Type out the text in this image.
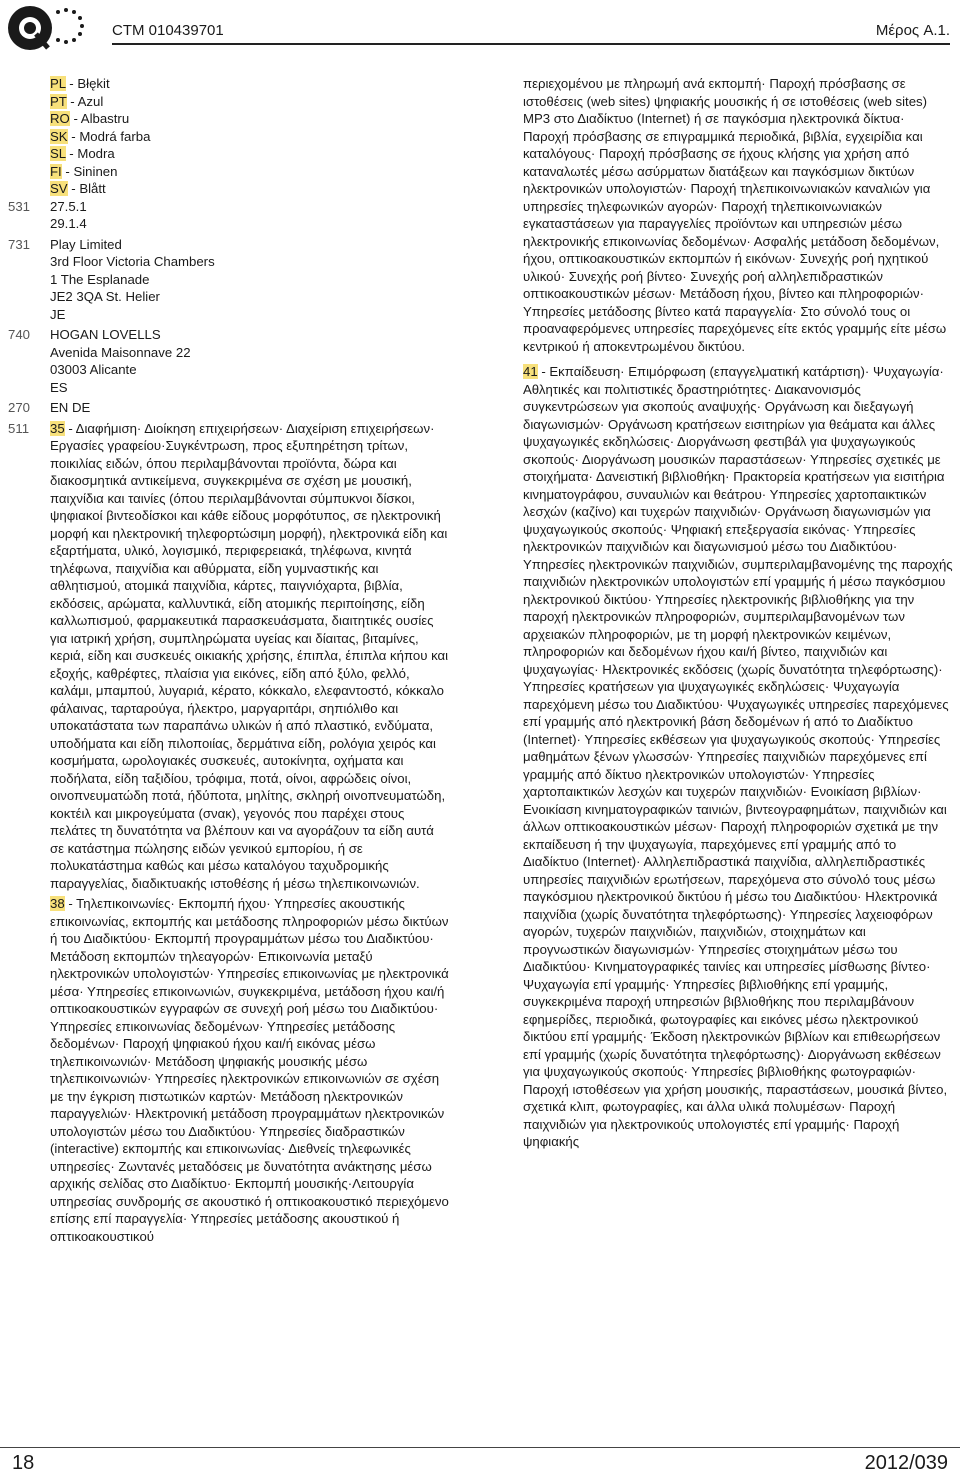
CTM 010439701	Μέρος A.1.
PL - Błękit
PT - Azul
RO - Albastru
SK - Modrá farba
SL - Modra
FI - Sininen
SV - Blått
531	27.5.1
29.1.4
731	Play Limited
3rd Floor Victoria Chambers
1 The Esplanade
JE2 3QA St. Helier
JE
740	HOGAN LOVELLS
Avenida Maisonnave 22
03003 Alicante
ES
270	EN DE
511	35 - Διαφήμιση· Διοίκηση επιχειρήσεων· Διαχείριση επιχειρήσεων· Εργασίες γραφείου·Συγκέντρωση, προς εξυπηρέτηση τρίτων, ποικιλίας ειδών, όπου περιλαμβάνονται προϊόντα, δώρα και διακοσμητικά αντικείμενα, συγκεκριμένα σε σχέση με μουσική, παιχνίδια και ταινίες (όπου περιλαμβάνονται σύμπυκνοι δίσκοι, ψηφιακοί βιντεοδίσκοι και κάθε είδους μορφότυπος, σε ηλεκτρονική μορφή και ηλεκτρονική τηλεφορτώσιμη μορφή), ηλεκτρονικά είδη και εξαρτήματα, υλικό, λογισμικό, περιφερειακά, τηλέφωνα, κινητά τηλέφωνα, παιχνίδια και αθύρματα, είδη γυμναστικής και αθλητισμού, ατομικά παιχνίδια, κάρτες, παιγνιόχαρτα, βιβλία, εκδόσεις, αρώματα, καλλυντικά, είδη ατομικής περιποίησης, είδη καλλωπισμού, φαρμακευτικά παρασκευάσματα, διαιτητικές ουσίες για ιατρική χρήση, συμπληρώματα υγείας και δίαιτας, βιταμίνες, κεριά, είδη και συσκευές οικιακής χρήσης, έπιπλα, έπιπλα κήπου και εξοχής, καθρέφτες, πλαίσια για εικόνες, είδη από ξύλο, φελλό, καλάμι, μπαμπού, λυγαριά, κέρατο, κόκκαλο, ελεφαντοστό, κόκκαλο φάλαινας, ταρταρούγα, ήλεκτρο, μαργαριτάρι, σηπιόλιθο και υποκατάστατα των παραπάνω υλικών ή από πλαστικό, ενδύματα, υποδήματα και είδη πιλοποιίας, δερμάτινα είδη, ρολόγια χειρός και κοσμήματα, ωρολογιακές συσκευές, αυτοκίνητα, οχήματα και ποδήλατα, είδη ταξιδίου, τρόφιμα, ποτά, οίνοι, αφρώδεις οίνοι, οινοπνευματώδη ποτά, ήδύποτα, μηλίτης, σκληρή οινοπνευματώδη, κοκτέιλ και μικρογεύματα (σνακ), γεγονός που παρέχει στους πελάτες τη δυνατότητα να βλέπουν και να αγοράζουν τα είδη αυτά σε κατάστημα πώλησης ειδών γενικού εμπορίου, ή σε πολυκατάστημα καθώς και μέσω καταλόγου ταχυδρομικής παραγγελίας, διαδικτυακής ιστοθέσης ή μέσω τηλεπικοινωνιών.
38 - Τηλεπικοινωνίες· Εκπομπή ήχου· Υπηρεσίες ακουστικής επικοινωνίας, εκπομπής και μετάδοσης πληροφοριών μέσω δικτύων ή του Διαδικτύου· Εκπομπή προγραμμάτων μέσω του Διαδικτύου· Μετάδοση εκπομπών τηλεαγορών· Επικοινωνία μεταξύ ηλεκτρονικών υπολογιστών· Υπηρεσίες επικοινωνίας με ηλεκτρονικά μέσα· Υπηρεσίες επικοινωνιών, συγκεκριμένα, μετάδοση ήχου και/ή οπτικοακουστικών εγγραφών σε συνεχή ροή μέσω του Διαδικτύου· Υπηρεσίες επικοινωνίας δεδομένων· Υπηρεσίες μετάδοσης δεδομένων· Παροχή ψηφιακού ήχου και/ή εικόνας μέσω τηλεπικοινωνιών· Μετάδοση ψηφιακής μουσικής μέσω τηλεπικοινωνιών· Υπηρεσίες ηλεκτρονικών επικοινωνιών σε σχέση με την έγκριση πιστωτικών καρτών· Μετάδοση ηλεκτρονικών παραγγελιών· Ηλεκτρονική μετάδοση προγραμμάτων ηλεκτρονικών υπολογιστών μέσω του Διαδικτύου· Υπηρεσίες διαδραστικών (interactive) εκπομπής και επικοινωνίας· Διεθνείς τηλεφωνικές υπηρεσίες· Ζωντανές μεταδόσεις με δυνατότητα ανάκτησης μέσω αρχικής σελίδας στο Διαδίκτυο· Εκπομπή μουσικής·Λειτουργία υπηρεσίας συνδρομής σε ακουστικό ή οπτικοακουστικό περιεχόμενο επίσης επί παραγγελία· Υπηρεσίες μετάδοσης ακουστικού ή οπτικοακουστικού
περιεχομένου με πληρωμή ανά εκπομπή· Παροχή πρόσβασης σε ιστοθέσεις (web sites) ψηφιακής μουσικής ή σε ιστοθέσεις (web sites) MP3 στο Διαδίκτυο (Internet) ή σε παγκόσμια ηλεκτρονικά δίκτυα· Παροχή πρόσβασης σε επιγραμμικά περιοδικά, βιβλία, εγχειρίδια και καταλόγους· Παροχή πρόσβασης σε ήχους κλήσης για χρήση από καταναλωτές μέσω ασύρματων διατάξεων και παγκόσμιων δικτύων ηλεκτρονικών υπολογιστών· Παροχή τηλεπικοινωνιακών καναλιών για υπηρεσίες τηλεφωνικών αγορών· Παροχή τηλεπικοινωνιακών εγκαταστάσεων για παραγγελίες προϊόντων και υπηρεσιών μέσω ηλεκτρονικής επικοινωνίας δεδομένων· Ασφαλής μετάδοση δεδομένων, ήχου, οπτικοακουστικών εκπομπών ή εικόνων· Συνεχής ροή ηχητικού υλικού· Συνεχής ροή βίντεο· Συνεχής ροή αλληλεπιδραστικών οπτικοακουστικών μέσων· Μετάδοση ήχου, βίντεο και πληροφοριών· Υπηρεσίες μετάδοσης βίντεο κατά παραγγελία· Στο σύνολό τους οι προαναφερόμενες υπηρεσίες παρεχόμενες είτε εκτός γραμμής είτε μέσω κεντρικού ή αποκεντρωμένου δικτύου.
41 - Εκπαίδευση· Επιμόρφωση (επαγγελματική κατάρτιση)· Ψυχαγωγία· Αθλητικές και πολιτιστικές δραστηριότητες· Διακανονισμός συγκεντρώσεων για σκοπούς αναψυχής· Οργάνωση και διεξαγωγή διαγωνισμών· Οργάνωση κρατήσεων εισιτηρίων για θεάματα και άλλες ψυχαγωγικές εκδηλώσεις· Διοργάνωση φεστιβάλ για ψυχαγωγικούς σκοπούς· Διοργάνωση μουσικών παραστάσεων· Υπηρεσίες σχετικές με στοιχήματα· Δανειστική βιβλιοθήκη· Πρακτορεία κρατήσεων για εισιτήρια κινηματογράφου, συναυλιών και θεάτρου· Υπηρεσίες χαρτοπαικτικών λεσχών (καζίνο) και τυχερών παιχνιδιών· Οργάνωση διαγωνισμών για ψυχαγωγικούς σκοπούς· Ψηφιακή επεξεργασία εικόνας· Υπηρεσίες ηλεκτρονικών παιχνιδιών και διαγωνισμού μέσω του Διαδικτύου· Υπηρεσίες ηλεκτρονικών παιχνιδιών, συμπεριλαμβανομένης της παροχής παιχνιδιών ηλεκτρονικών υπολογιστών επί γραμμής ή μέσω παγκόσμιου ηλεκτρονικού δικτύου· Υπηρεσίες ηλεκτρονικής βιβλιοθήκης για την παροχή ηλεκτρονικών πληροφοριών, συμπεριλαμβανομένων των αρχειακών πληροφοριών, με τη μορφή ηλεκτρονικών κειμένων, πληροφοριών και δεδομένων ήχου και/ή βίντεο, παιχνιδιών και ψυχαγωγίας· Ηλεκτρονικές εκδόσεις (χωρίς δυνατότητα τηλεφόρτωσης)· Υπηρεσίες κρατήσεων για ψυχαγωγικές εκδηλώσεις· Ψυχαγωγία παρεχόμενη μέσω του Διαδικτύου· Ψυχαγωγικές υπηρεσίες παρεχόμενες επί γραμμής από ηλεκτρονική βάση δεδομένων ή από το Διαδίκτυο (Internet)· Υπηρεσίες εκθέσεων για ψυχαγωγικούς σκοπούς· Υπηρεσίες μαθημάτων ξένων γλωσσών· Υπηρεσίες παιχνιδιών παρεχόμενες επί γραμμής από δίκτυο ηλεκτρονικών υπολογιστών· Υπηρεσίες χαρτοπαικτικών λεσχών και τυχερών παιχνιδιών· Ενοικίαση βιβλίων· Ενοικίαση κινηματογραφικών ταινιών, βιντεογραφημάτων, παιχνιδιών και άλλων οπτικοακουστικών μέσων· Παροχή πληροφοριών σχετικά με την εκπαίδευση ή την ψυχαγωγία, παρεχόμενες επί γραμμής από το Διαδίκτυο (Internet)· Αλληλεπιδραστικά παιχνίδια, αλληλεπιδραστικές υπηρεσίες παιχνιδιών ερωτήσεων, παρεχόμενα στο σύνολό τους μέσω παγκόσμιου ηλεκτρονικού δικτύου ή μέσω του Διαδικτύου· Ηλεκτρονικά παιχνίδια (χωρίς δυνατότητα τηλεφόρτωσης)· Υπηρεσίες λαχειοφόρων αγορών, τυχερών παιχνιδιών, παιχνιδιών, στοιχημάτων και προγνωστικών διαγωνισμών· Υπηρεσίες στοιχημάτων μέσω του Διαδικτύου· Κινηματογραφικές ταινίες και υπηρεσίες μίσθωσης βίντεο· Ψυχαγωγία επί γραμμής· Υπηρεσίες βιβλιοθήκης επί γραμμής, συγκεκριμένα παροχή υπηρεσιών βιβλιοθήκης που περιλαμβάνουν εφημερίδες, περιοδικά, φωτογραφίες και εικόνες μέσω ηλεκτρονικού δικτύου επί γραμμής· Έκδοση ηλεκτρονικών βιβλίων και επιθεωρήσεων επί γραμμής (χωρίς δυνατότητα τηλεφόρτωσης)· Διοργάνωση εκθέσεων για ψυχαγωγικούς σκοπούς· Υπηρεσίες βιβλιοθήκης φωτογραφιών· Παροχή ιστοθέσεων για χρήση μουσικής, παραστάσεων, μουσικά βίντεο, σχετικά κλιπ, φωτογραφίες, και άλλα υλικά πολυμέσων· Παροχή παιχνιδιών για ηλεκτρονικούς υπολογιστές επί γραμμής· Παροχή ψηφιακής
18	2012/039
